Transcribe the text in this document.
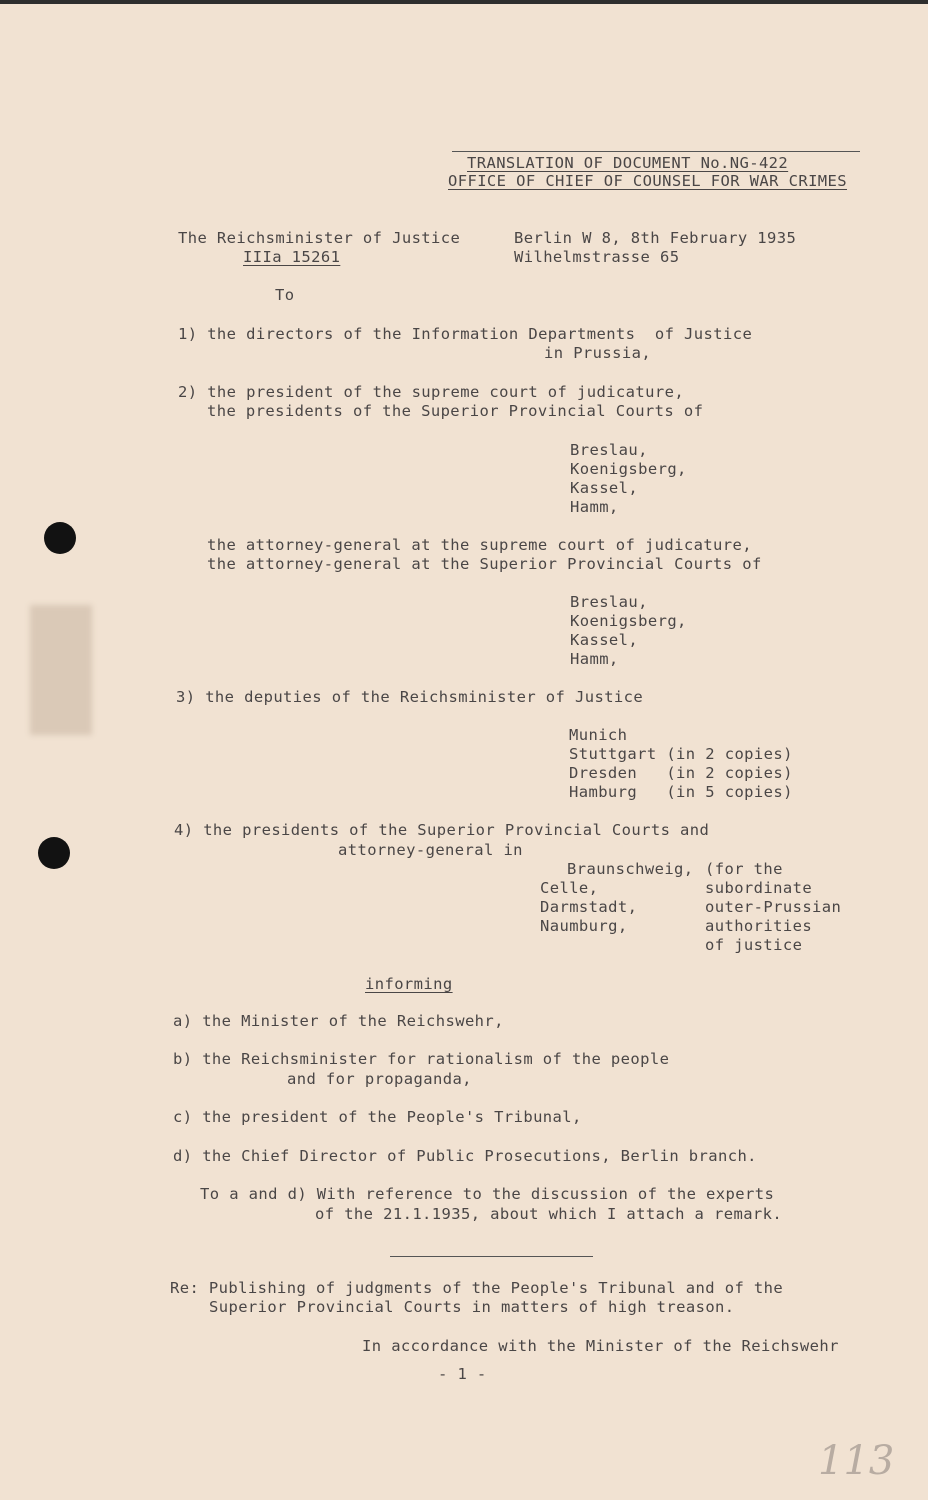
TRANSLATION OF DOCUMENT No.NG-422
OFFICE OF CHIEF OF COUNSEL FOR WAR CRIMES
The Reichsminister of Justice
IIIa 15261
Berlin W 8, 8th February 1935
Wilhelmstrasse 65
To
1) the directors of the Information Departments  of Justice
in Prussia,
2) the president of the supreme court of judicature,
the presidents of the Superior Provincial Courts of
Breslau,
Koenigsberg,
Kassel,
Hamm,
the attorney-general at the supreme court of judicature,
the attorney-general at the Superior Provincial Courts of
Breslau,
Koenigsberg,
Kassel,
Hamm,
3) the deputies of the Reichsminister of Justice
Munich
Stuttgart (in 2 copies)
Dresden   (in 2 copies)
Hamburg   (in 5 copies)
4) the presidents of the Superior Provincial Courts and
attorney-general in
Braunschweig,
Celle,
Darmstadt,
Naumburg,
(for the
subordinate
outer-Prussian
authorities
of justice
informing
a) the Minister of the Reichswehr,
b) the Reichsminister for rationalism of the people
and for propaganda,
c) the president of the People's Tribunal,
d) the Chief Director of Public Prosecutions, Berlin branch.
To a and d) With reference to the discussion of the experts
of the 21.1.1935, about which I attach a remark.
Re: Publishing of judgments of the People's Tribunal and of the
Superior Provincial Courts in matters of high treason.
In accordance with the Minister of the Reichswehr
- 1 -
113
